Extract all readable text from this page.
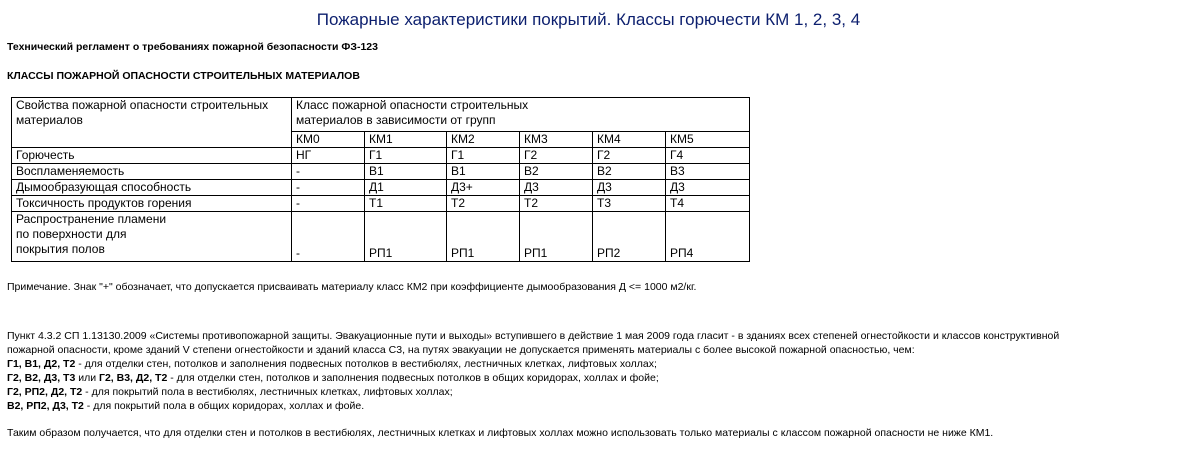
Пожарные характеристики покрытий. Классы горючести КМ 1, 2, 3, 4
Технический регламент о требованиях пожарной безопасности ФЗ-123
КЛАССЫ ПОЖАРНОЙ ОПАСНОСТИ СТРОИТЕЛЬНЫХ МАТЕРИАЛОВ
Свойства пожарной опасности строительных материалов	Класс пожарной опасности строительных материалов в зависимости от групп					
	КМ0	КМ1	КМ2	КМ3	КМ4	КМ5
Горючесть	НГ	Г1	Г1	Г2	Г2	Г4
Воспламеняемость	-	В1	В1	В2	В2	В3
Дымообразующая способность	-	Д1	Д3+	Д3	Д3	Д3
Токсичность продуктов горения	-	Т1	Т2	Т2	Т3	Т4
Распространение пламени по поверхности для покрытия полов	-	РП1	РП1	РП1	РП2	РП4
Примечание. Знак "+" обозначает, что допускается присваивать материалу класс КМ2 при коэффициенте дымообразования Д <= 1000 м2/кг.
Пункт 4.3.2 СП 1.13130.2009 «Системы противопожарной защиты. Эвакуационные пути и выходы» вступившего в действие 1 мая 2009 года гласит - в зданиях всех степеней огнестойкости и классов конструктивной
пожарной опасности, кроме зданий V степени огнестойкости и зданий класса С3, на путях эвакуации не допускается применять материалы с более высокой пожарной опасностью, чем:
Г1, В1, Д2, Т2 - для отделки стен, потолков и заполнения подвесных потолков в вестибюлях, лестничных клетках, лифтовых холлах;
Г2, В2, Д3, Т3 или Г2, В3, Д2, Т2 - для отделки стен, потолков и заполнения подвесных потолков в общих коридорах, холлах и фойе;
Г2, РП2, Д2, Т2 - для покрытий пола в вестибюлях, лестничных клетках, лифтовых холлах;
В2, РП2, Д3, Т2 - для покрытий пола в общих коридорах, холлах и фойе.
Таким образом получается, что для отделки стен и потолков в вестибюлях, лестничных клетках и лифтовых холлах можно использовать только материалы с классом пожарной опасности не ниже КМ1.
